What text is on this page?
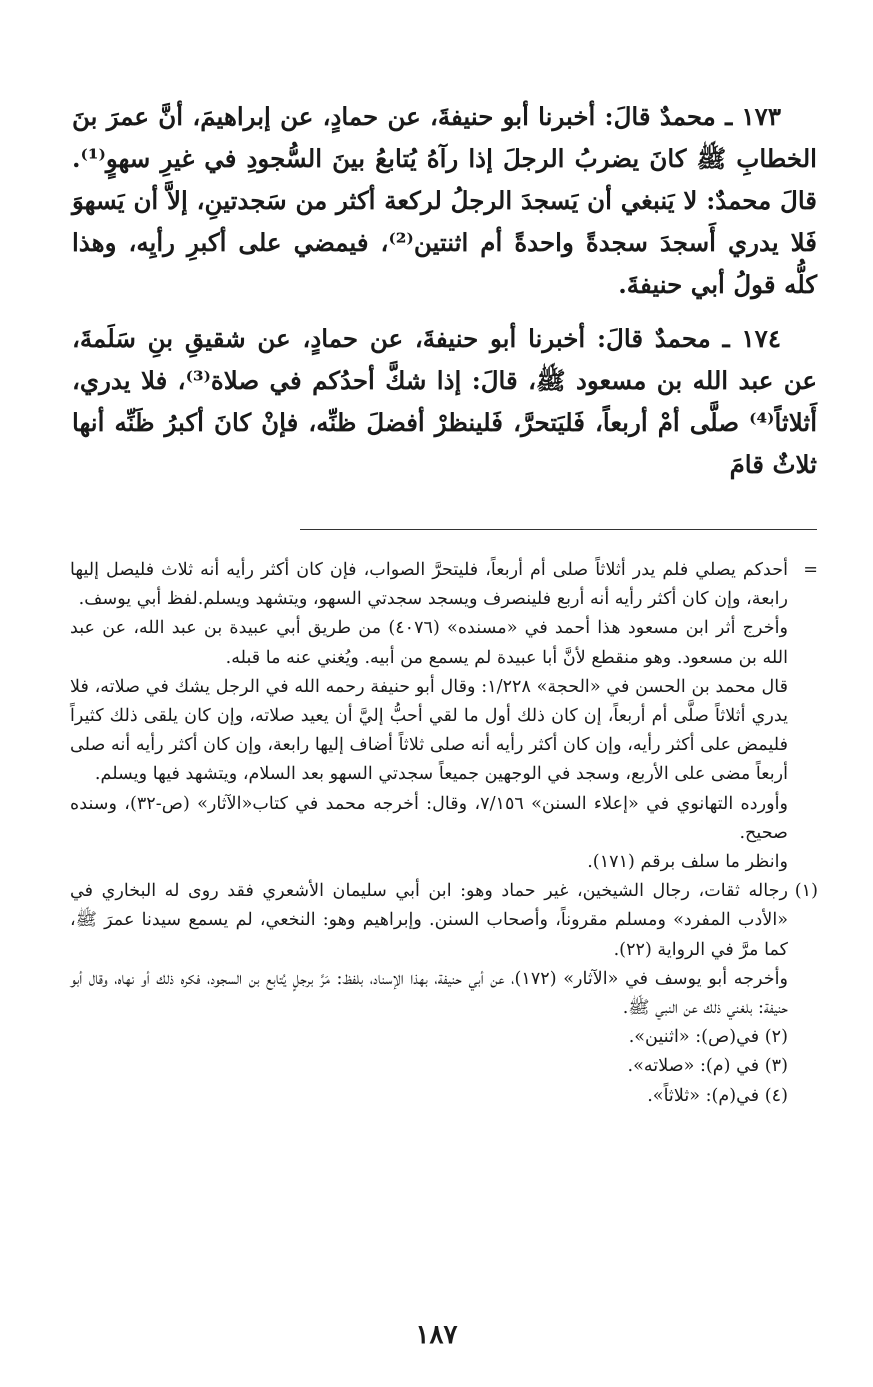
١٧٣ ـ محمدٌ قالَ: أخبرنا أبو حنيفةَ، عن حمادٍ، عن إبراهيمَ، أنَّ عمرَ بنَ الخطابِ ﷺ كانَ يضربُ الرجلَ إذا رآهُ يُتابعُ بينَ السُّجودِ في غيرِ سهوٍ⁽¹⁾. قالَ محمدٌ: لا يَنبغي أن يَسجدَ الرجلُ لركعة أكثر من سَجدتينِ، إلاَّ أن يَسهوَ فَلا يدري أَسجدَ سجدةً واحدةً أم اثنتين⁽²⁾، فيمضي على أكبرِ رأيِه، وهذا كلُّه قولُ أبي حنيفةَ.

١٧٤ ـ محمدٌ قالَ: أخبرنا أبو حنيفةَ، عن حمادٍ، عن شقيقِ بنِ سَلَمةَ، عن عبد الله بن مسعود ﷺ، قالَ: إذا شكَّ أحدُكم في صلاة⁽³⁾، فلا يدري، أَثلاثاً⁽⁴⁾ صلَّى أمْ أربعاً، فَليَتحرَّ، فَلينظرْ أفضلَ ظنِّه، فإنْ كانَ أكبرُ ظَنِّه أنها ثلاثٌ قامَ

=
أحدكم يصلي فلم يدر أثلاثاً صلى أم أربعاً، فليتحرَّ الصواب، فإن كان أكثر رأيه أنه ثلاث فليصل إليها رابعة، وإن كان أكثر رأيه أنه أربع فلينصرف ويسجد سجدتي السهو، ويتشهد ويسلم.لفظ أبي يوسف.
وأخرج أثر ابن مسعود هذا أحمد في «مسنده» (٤٠٧٦) من طريق أبي عبيدة بن عبد الله، عن عبد الله بن مسعود. وهو منقطع لأنَّ أبا عبيدة لم يسمع من أبيه. ويُغني عنه ما قبله.
قال محمد بن الحسن في «الحجة» ١/٢٢٨: وقال أبو حنيفة رحمه الله في الرجل يشك في صلاته، فلا يدري أثلاثاً صلَّى أم أربعاً، إن كان ذلك أول ما لقي أحبُّ إليَّ أن يعيد صلاته، وإن كان يلقى ذلك كثيراً فليمض على أكثر رأيه، وإن كان أكثر رأيه أنه صلى ثلاثاً أضاف إليها رابعة، وإن كان أكثر رأيه أنه صلى أربعاً مضى على الأربع، وسجد في الوجهين جميعاً سجدتي السهو بعد السلام، ويتشهد فيها ويسلم.
وأورده التهانوي في «إعلاء السنن» ٧/١٥٦، وقال: أخرجه محمد في كتاب«الآثار» (ص-٣٢)، وسنده صحيح.
وانظر ما سلف برقم (١٧١).
(١)
رجاله ثقات، رجال الشيخين، غير حماد وهو: ابن أبي سليمان الأشعري فقد روى له البخاري في «الأدب المفرد» ومسلم مقروناً، وأصحاب السنن. وإبراهيم وهو: النخعي، لم يسمع سيدنا عمرَ ﷺ، كما مرَّ في الرواية (٢٢).
وأخرجه أبو يوسف في «الآثار» (١٧٢)، عن أبي حنيفة، بهذا الإسناد، بلفظ: مَرَّ برجلٍ يُتابع بن السجود، فكره ذلك أو نهاه، وقال أبو حنيفة: بلغني ذلك عن النبي ﷺ.
(٢) في(ص): «اثنين».
(٣) في (م): «صلاته».
(٤) في(م): «ثلاثاً».
١٨٧
